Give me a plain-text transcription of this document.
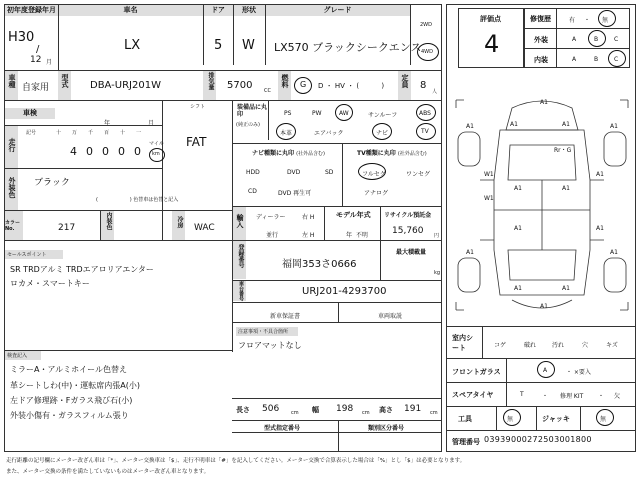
初年度登録年月	車名	ドア	形状	グレード
H30
/
12 月
LX	5 W LX570 ブラックシークエンス
2WD
4WD
車種 自家用	型式 DBA-URJ201W	排気量 5700 CC
燃料 G D ・ HV ・ (          )	定員 8
人
シフト
FAT
車検
年	月
走行
記号	十 万 千 百 十 一
4 0 0 0 0
マイル
km
外装色 ブラック
(                    ) 色替車は色替と記入
カラーNo.	217	内装色	冷房 WAC
セールスポイント
SR TRDアルミ TRDエアロリアエンター
ロカメ・スマートキー
検査記入
ミラーA・アルミホイール色替え
革シートしわ(中)・運転席内張A(小)
左ドア修理跡・Fガラス飛び石(小)
外装小傷有・ガラスフィルム張り
装備品に丸印
(純正のみ)
PS	PW	AW	サンルーフ	ABS
本革	エアバック	ナビ	TV
ナビ種類に丸印 (社外品含む)
HDD	DVD	SD
CD	DVD 再生可
TV種類に丸印 (社外品含む)
フルセグ	ワンセグ
アナログ
輸入	ディーラー	右 H
並行	左 H
モデル年式
年  不明
リサイクル預託金
15,760 円
登録番号	福岡353さ0666
最大積載量
kg
車台番号	URJ201-4293700
新車保証書	車両取説
注意事項・不具合箇所
フロアマットなし
長さ 506 cm 幅 198 cm 高さ 191 cm
型式指定番号	類別区分番号
評価点
4
修復歴	有 ・ 無
外装	A	B	C
内装	A	B	C
A1
A1	A1
A1	A1
W1
W1
A1
A1
A1
A1
A1	A1
A1	A1
A1
A1
Rr・G
室内シート	コゲ	破れ	汚れ	穴	キズ
フロントガラス	A	・ ×要入
スペアタイヤ	T	・ 修理 KIT ・ 欠
工具	無	ジャッキ	無
管理番号 03939000272503001800
走行距離の記号欄にメーター改ざん車は「*」、メーター交換車は「$」、走行不明車は「#」を記入してください。メーター交換で合算表示した場合は「%」とし「$」は必要となります。
また、メーター交換の条件を満たしていないものはメーター改ざん車となります。
